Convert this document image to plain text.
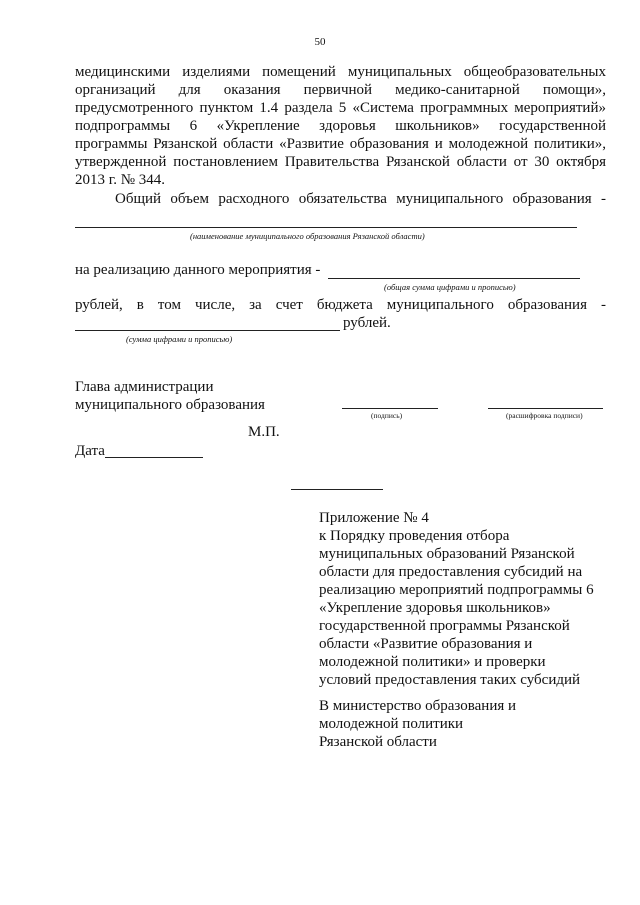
50
медицинскими изделиями помещений муниципальных общеобразовательных
организаций для оказания первичной медико-санитарной помощи»,
предусмотренного пунктом 1.4 раздела 5 «Система программных мероприятий»
подпрограммы 6 «Укрепление здоровья школьников» государственной
программы Рязанской области «Развитие образования и молодежной политики»,
утвержденной постановлением Правительства Рязанской области от 30 октября
2013 г. № 344.
Общий объем расходного обязательства муниципального образования -
(наименование муниципального образования Рязанской области)
на реализацию данного мероприятия -
(общая сумма цифрами и прописью)
рублей, в том числе, за счет бюджета муниципального образования -
рублей.
(сумма цифрами и прописью)
Глава администрации
муниципального образования
(подпись)	(расшифровка подписи)
М.П.
Дата
Приложение № 4
к Порядку проведения отбора
муниципальных образований Рязанской
области для предоставления субсидий на
реализацию мероприятий подпрограммы 6
«Укрепление здоровья школьников»
государственной программы Рязанской
области «Развитие образования и
молодежной политики» и проверки
условий предоставления таких субсидий
В министерство образования и
молодежной политики
Рязанской области
